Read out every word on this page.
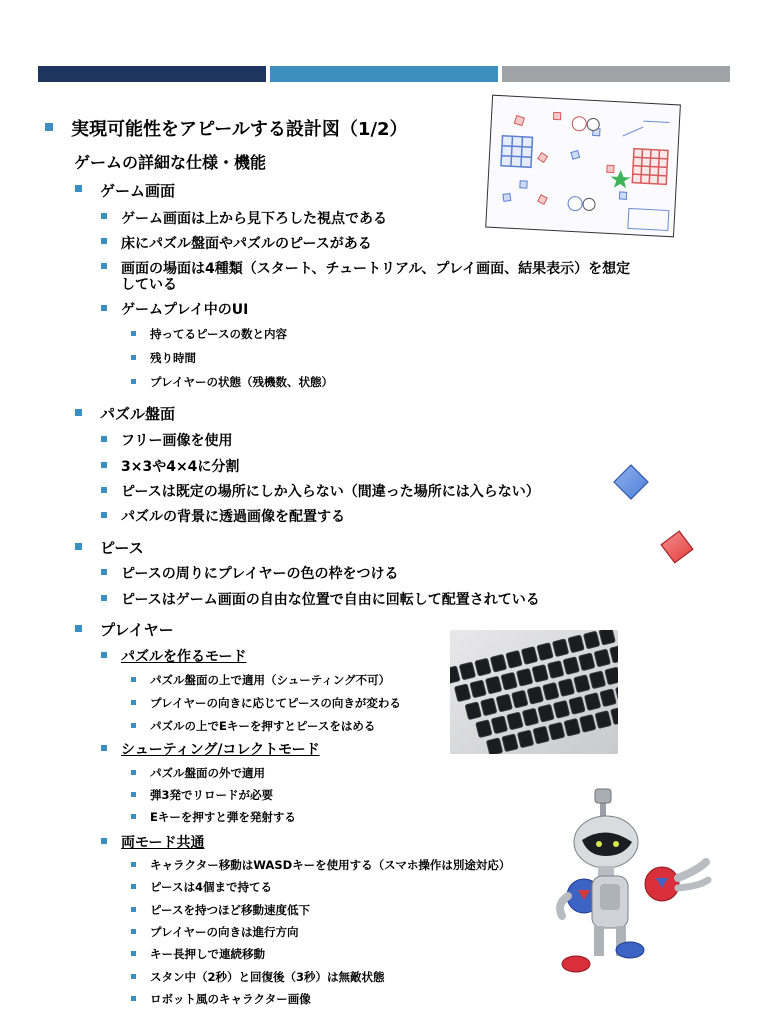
実現可能性をアピールする設計図（1/2）
ゲームの詳細な仕様・機能
ゲーム画面
ゲーム画面は上から見下ろした視点である
床にパズル盤面やパズルのピースがある
画面の場面は4種類（スタート、チュートリアル、プレイ画面、結果表示）を想定
している
ゲームプレイ中のUI
持ってるピースの数と内容
残り時間
プレイヤーの状態（残機数、状態）
パズル盤面
フリー画像を使用
3×3や4×4に分割
ピースは既定の場所にしか入らない（間違った場所には入らない）
パズルの背景に透過画像を配置する
ピース
ピースの周りにプレイヤーの色の枠をつける
ピースはゲーム画面の自由な位置で自由に回転して配置されている
プレイヤー
パズルを作るモード
パズル盤面の上で適用（シューティング不可）
プレイヤーの向きに応じてピースの向きが変わる
パズルの上でEキーを押すとピースをはめる
シューティング/コレクトモード
パズル盤面の外で適用
弾3発でリロードが必要
Eキーを押すと弾を発射する
両モード共通
キャラクター移動はWASDキーを使用する（スマホ操作は別途対応）
ピースは4個まで持てる
ピースを持つほど移動速度低下
プレイヤーの向きは進行方向
キー長押しで連続移動
スタン中（2秒）と回復後（3秒）は無敵状態
ロボット風のキャラクター画像
